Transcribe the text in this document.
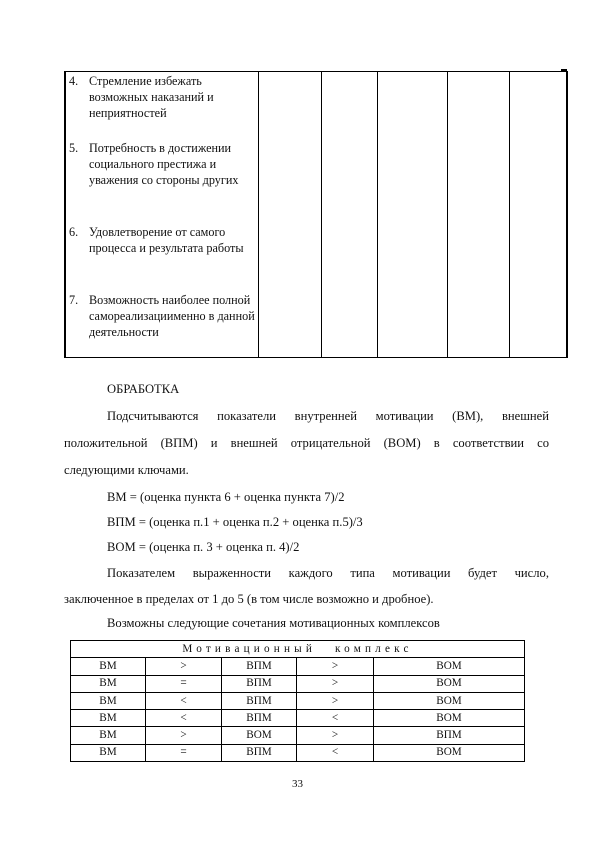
4. Стремление избежать возможных наказаний и неприятностей
5. Потребность в достижении социального престижа и уважения со стороны других
6. Удовлетворение от самого процесса и результата работы
7. Возможность наиболее полной самореализациименно в данной деятельности
ОБРАБОТКА
Подсчитываются показатели внутренней мотивации (ВМ), внешней
положительной (ВПМ) и внешней отрицательной (ВОМ) в соответствии со
следующими ключами.
ВМ = (оценка пункта 6 + оценка пункта 7)/2
ВПМ = (оценка п.1 + оценка п.2 + оценка п.5)/3
ВОМ = (оценка п. 3 + оценка п. 4)/2
Показателем выраженности каждого типа мотивации будет число,
заключенное в пределах от 1 до 5 (в том числе возможно и дробное).
Возможны следующие сочетания мотивационных комплексов
Мотивационный комплекс				
ВМ	>	ВПМ	>	ВОМ
ВМ	=	ВПМ	>	ВОМ
ВМ	<	ВПМ	>	ВОМ
ВМ	<	ВПМ	<	ВОМ
ВМ	>	ВОМ	>	ВПМ
ВМ	=	ВПМ	<	ВОМ
33
